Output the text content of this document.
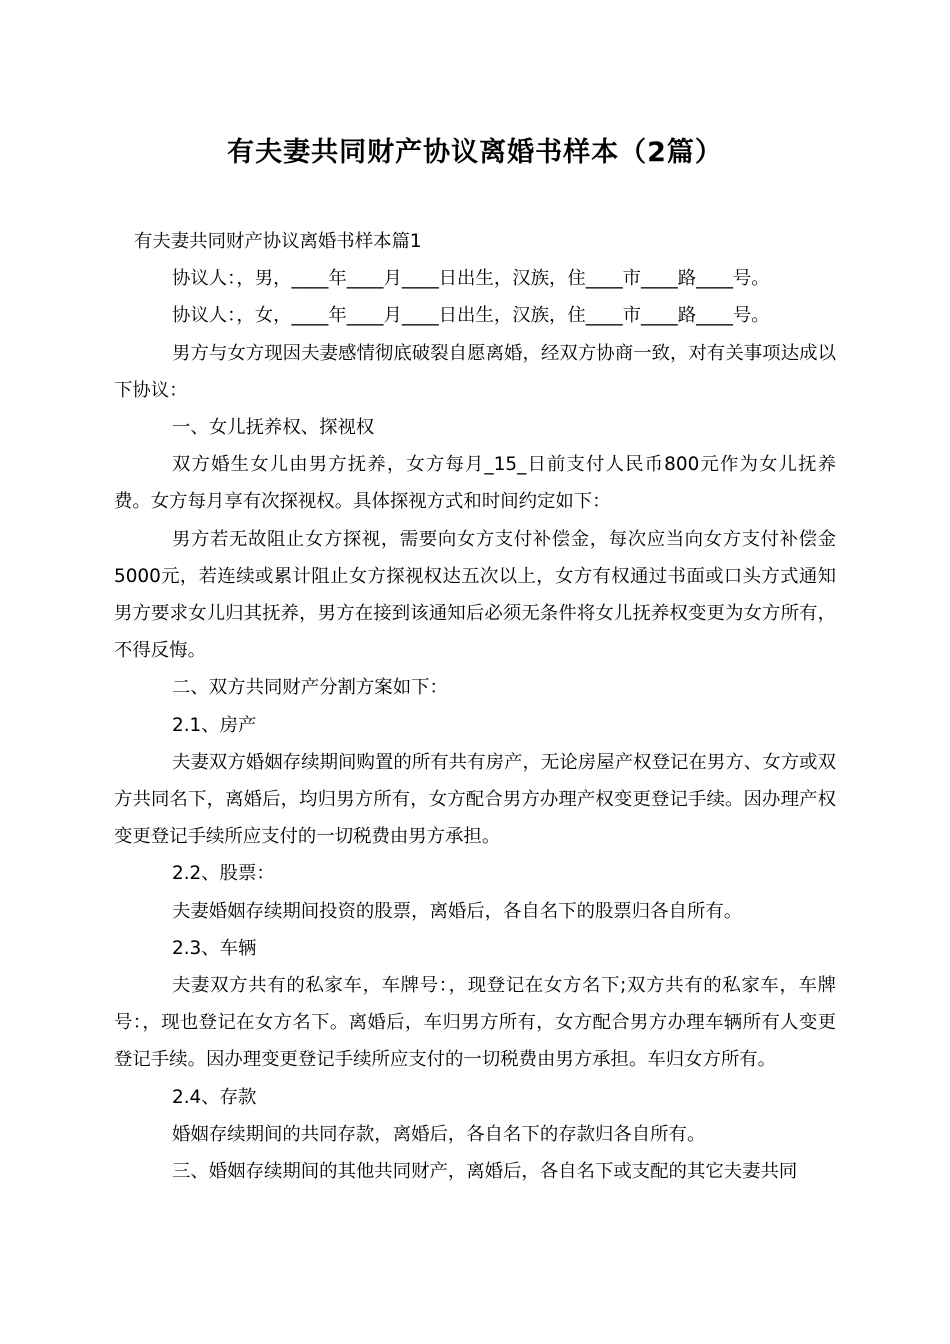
有夫妻共同财产协议离婚书样本（2篇）

有夫妻共同财产协议离婚书样本篇1

协议人：，男，____年____月____日出生，汉族，住____市____路____号。

协议人：，女，____年____月____日出生，汉族，住____市____路____号。

男方与女方现因夫妻感情彻底破裂自愿离婚，经双方协商一致，对有关事项达成以下协议：

一、女儿抚养权、探视权

双方婚生女儿由男方抚养，女方每月_15_日前支付人民币800元作为女儿抚养费。女方每月享有次探视权。具体探视方式和时间约定如下：

男方若无故阻止女方探视，需要向女方支付补偿金，每次应当向女方支付补偿金5000元，若连续或累计阻止女方探视权达五次以上，女方有权通过书面或口头方式通知男方要求女儿归其抚养，男方在接到该通知后必须无条件将女儿抚养权变更为女方所有，不得反悔。

二、双方共同财产分割方案如下：

2.1、房产

夫妻双方婚姻存续期间购置的所有共有房产，无论房屋产权登记在男方、女方或双方共同名下，离婚后，均归男方所有，女方配合男方办理产权变更登记手续。因办理产权变更登记手续所应支付的一切税费由男方承担。

2.2、股票：

夫妻婚姻存续期间投资的股票，离婚后，各自名下的股票归各自所有。

2.3、车辆

夫妻双方共有的私家车，车牌号：，现登记在女方名下;双方共有的私家车，车牌号：，现也登记在女方名下。离婚后，车归男方所有，女方配合男方办理车辆所有人变更登记手续。因办理变更登记手续所应支付的一切税费由男方承担。车归女方所有。

2.4、存款

婚姻存续期间的共同存款，离婚后，各自名下的存款归各自所有。

三、婚姻存续期间的其他共同财产，离婚后，各自名下或支配的其它夫妻共同
